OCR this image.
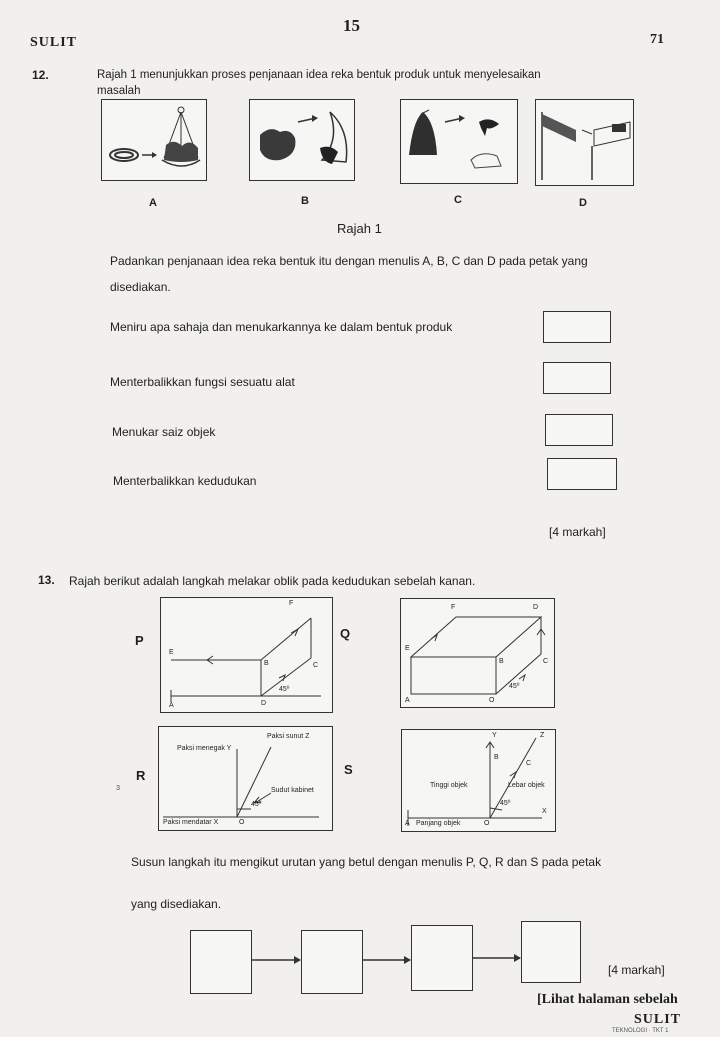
15
SULIT	71
12.	Rajah 1 menunjukkan proses penjanaan idea reka bentuk produk untuk menyelesaikan
masalah
A	B	C	D
Rajah 1
Padankan penjanaan idea reka bentuk itu dengan menulis A, B, C dan D pada petak yang
disediakan.
Meniru apa sahaja dan menukarkannya ke dalam bentuk produk
Menterbalikkan fungsi sesuatu alat
Menukar saiz objek
Menterbalikkan kedudukan
[4 markah]
13. Rajah berikut adalah langkah melakar oblik pada kedudukan sebelah kanan.
P	Q
R	S
E
B	C
D
A
45º
F
F	D
E
B	C
45º
A	O
Paksi menegak Y
Paksi sunut Z
Sudut kabinet
45º
Paksi mendatar X	O
ɜ
Y	Z
B
C
Tinggi objek	Lebar objek
45º
X
A Panjang objek	O
Susun langkah itu mengikut urutan yang betul dengan menulis P, Q, R dan S pada petak
yang disediakan.
[4 markah]
[Lihat halaman sebelah
SULIT
TEKNOLOGI · TKT 1
